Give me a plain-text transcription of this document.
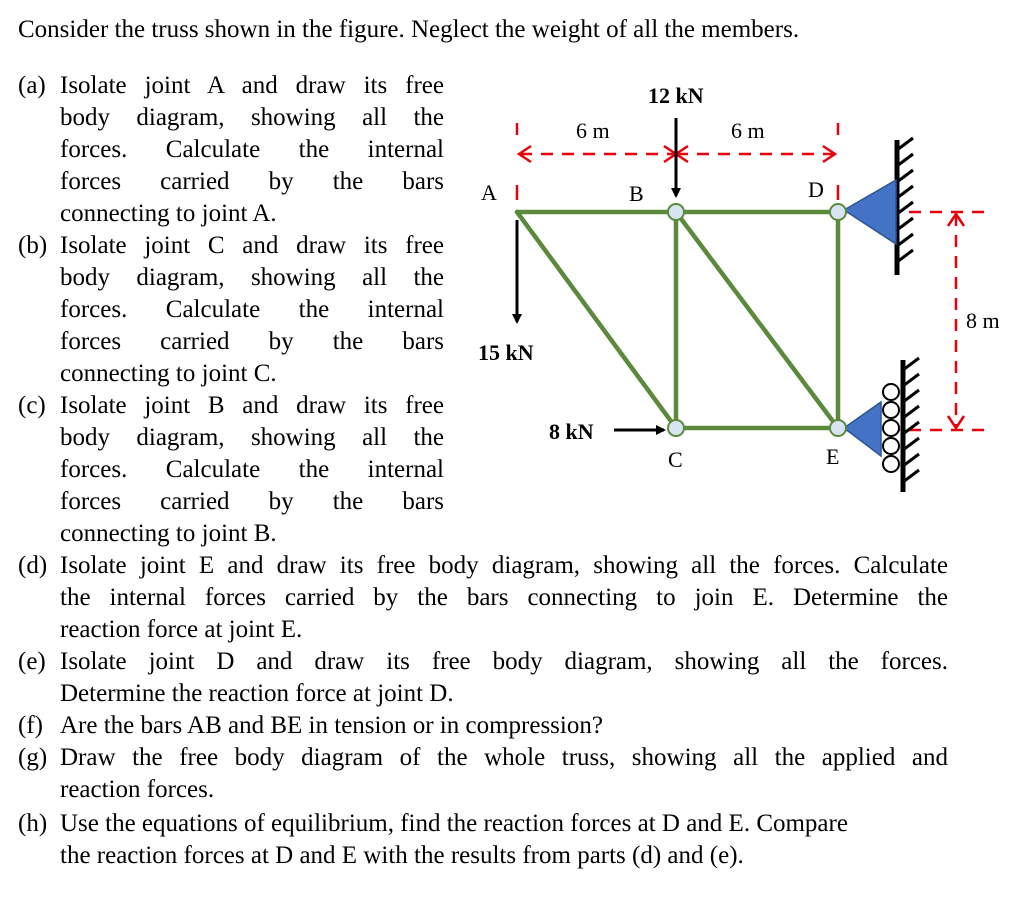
Consider the truss shown in the figure. Neglect the weight of all the members.
(a) Isolate joint A and draw its free
body diagram, showing all the
forces. Calculate the internal
forces carried by the bars
connecting to joint A.
(b) Isolate joint C and draw its free
body diagram, showing all the
forces. Calculate the internal
forces carried by the bars
connecting to joint C.
(c) Isolate joint B and draw its free
body diagram, showing all the
forces. Calculate the internal
forces carried by the bars
connecting to joint B.
(d) Isolate joint E and draw its free body diagram, showing all the forces. Calculate
the internal forces carried by the bars connecting to join E. Determine the
reaction force at joint E.
(e) Isolate joint D and draw its free body diagram, showing all the forces.
Determine the reaction force at joint D.
(f) Are the bars AB and BE in tension or in compression?
(g) Draw the free body diagram of the whole truss, showing all the applied and
reaction forces.
(h) Use the equations of equilibrium, find the reaction forces at D and E. Compare
the reaction forces at D and E with the results from parts (d) and (e).
12 kN
15 kN
8 kN
6 m	6 m
8 m
A	B
C
D
E
